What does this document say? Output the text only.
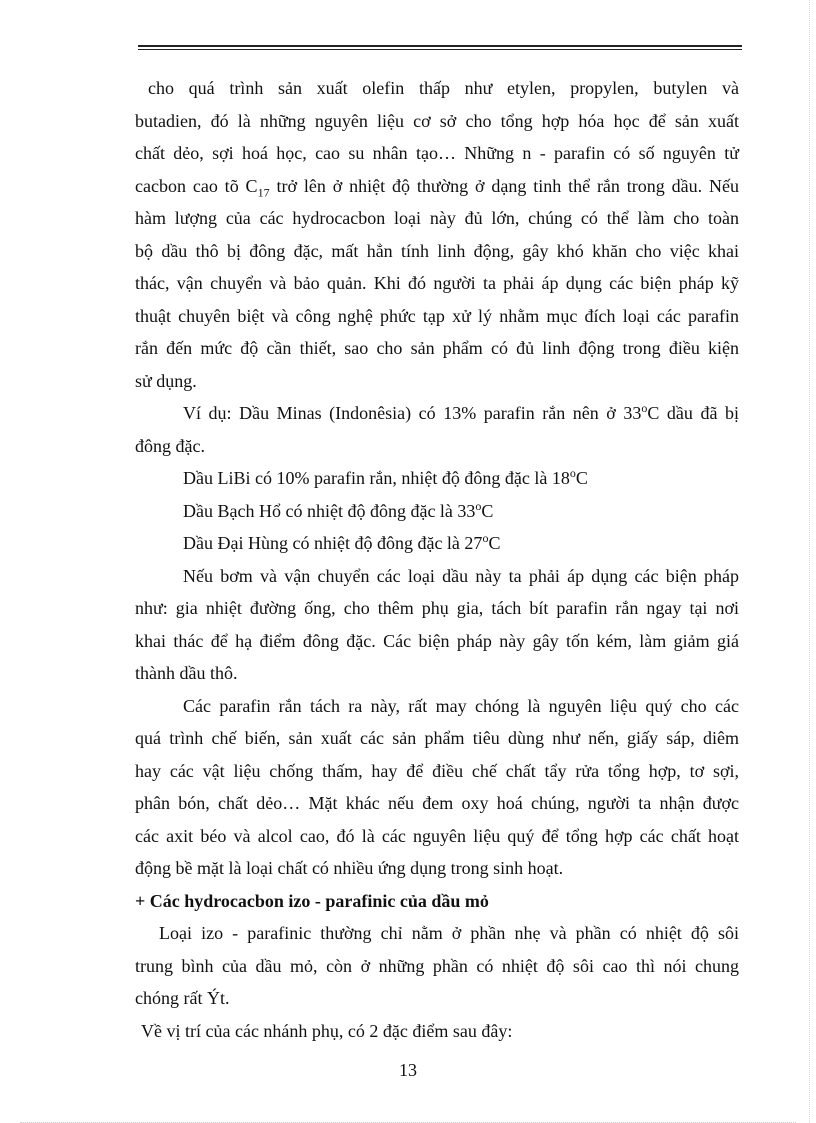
cho quá trình sản xuất olefin thấp như etylen, propylen, butylen và
butadien, đó là những nguyên liệu cơ sở cho tổng hợp hóa học để sản xuất
chất dẻo, sợi hoá học, cao su nhân tạo… Những n - parafin có số nguyên tử
cacbon cao tõ $C_{17}$ trở lên ở nhiệt độ thường ở dạng tinh thể rắn trong dầu. Nếu
hàm lượng của các hydrocacbon loại này đủ lớn, chúng có thể làm cho toàn
bộ dầu thô bị đông đặc, mất hẳn tính linh động, gây khó khăn cho việc khai
thác, vận chuyển và bảo quản. Khi đó người ta phải áp dụng các biện pháp kỹ
thuật chuyên biệt và công nghệ phức tạp xử lý nhằm mục đích loại các parafin
rắn đến mức độ cần thiết, sao cho sản phẩm có đủ linh động trong điều kiện
sử dụng.
Ví dụ: Dầu Minas (Indonêsia) có 13% parafin rắn nên ở 33$^o$C dầu đã bị
đông đặc.
Dầu LiBi có 10% parafin rắn, nhiệt độ đông đặc là 18$^o$C
Dầu Bạch Hổ có nhiệt độ đông đặc là 33$^o$C
Dầu Đại Hùng có nhiệt độ đông đặc là 27$^o$C
Nếu bơm và vận chuyển các loại dầu này ta phải áp dụng các biện pháp
như: gia nhiệt đường ống, cho thêm phụ gia, tách bít parafin rắn ngay tại nơi
khai thác để hạ điểm đông đặc. Các biện pháp này gây tốn kém, làm giảm giá
thành dầu thô.
Các parafin rắn tách ra này, rất may chóng là nguyên liệu quý cho các
quá trình chế biến, sản xuất các sản phẩm tiêu dùng như nến, giấy sáp, diêm
hay các vật liệu chống thấm, hay để điều chế chất tẩy rửa tổng hợp, tơ sợi,
phân bón, chất dẻo… Mặt khác nếu đem oxy hoá chúng, người ta nhận được
các axit béo và alcol cao, đó là các nguyên liệu quý để tổng hợp các chất hoạt
động bề mặt là loại chất có nhiều ứng dụng trong sinh hoạt.
+ Các hydrocacbon izo - parafinic của dầu mỏ
Loại izo - parafinic thường chỉ nằm ở phần nhẹ và phần có nhiệt độ sôi
trung bình của dầu mỏ, còn ở những phần có nhiệt độ sôi cao thì nói chung
chóng rất Ýt.
Về vị trí của các nhánh phụ, có 2 đặc điểm sau đây:
13
